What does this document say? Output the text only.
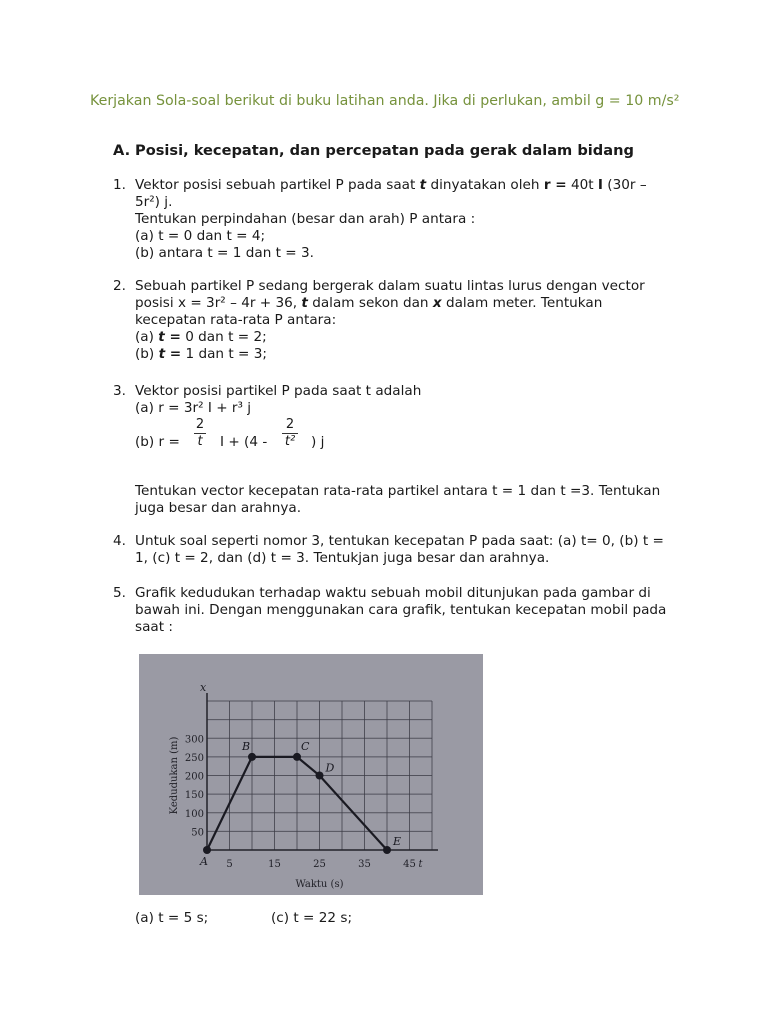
Kerjakan Sola-soal berikut di buku latihan anda. Jika di perlukan, ambil g = 10 m/s²
A. Posisi, kecepatan, dan percepatan pada gerak dalam bidang
1. Vektor posisi sebuah partikel P pada saat t dinyatakan oleh r = 40t I (30r –

5r²) j.

Tentukan perpindahan (besar dan arah) P antara :

(a) t = 0 dan t = 4;

(b) antara t = 1 dan t = 3.

2. Sebuah partikel P sedang bergerak dalam suatu lintas lurus dengan vector

posisi x = 3r² – 4r + 36, t dalam sekon dan x dalam meter. Tentukan

kecepatan rata-rata P antara:

(a) t = 0 dan t = 2;

(b) t = 1 dan t = 3;

3. Vektor posisi partikel P pada saat t adalah

(a) r = 3r² I + r³ j

(b) r =
2
t	I + (4 -
2
t² ) j

Tentukan vector kecepatan rata-rata partikel antara t = 1 dan t =3. Tentukan

juga besar dan arahnya.

4. Untuk soal seperti nomor 3, tentukan kecepatan P pada saat: (a) t= 0, (b) t =

1, (c) t = 2, dan (d) t = 3. Tentukjan juga besar dan arahnya.

5. Grafik kedudukan terhadap waktu sebuah mobil ditunjukan pada gambar di

bawah ini. Dengan menggunakan cara grafik, tentukan kecepatan mobil pada

saat :

x
5	15	25	35	45 t
50
100
150
200
250
300
Waktu (s)
Kedudukan (m)
A
B	C
D
E
(a) t = 5 s;	(c) t = 22 s;
